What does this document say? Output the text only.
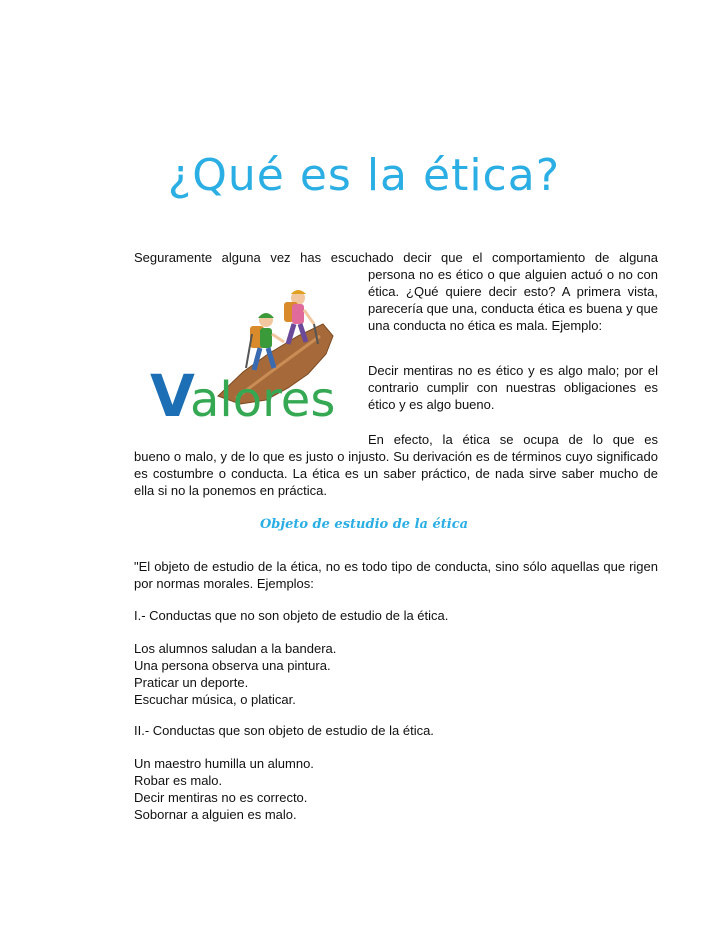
¿Qué es la ética?

Seguramente alguna vez has escuchado decir que el comportamiento de alguna

persona no es ético o que alguien actuó o no con ética. ¿Qué quiere decir esto? A primera vista, parecería que una, conducta ética es buena y que una conducta no ética es mala. Ejemplo:

Decir mentiras no es ético y es algo malo; por el contrario cumplir con nuestras obligaciones es ético y es algo bueno.

En efecto, la ética se ocupa de lo que es

bueno o malo, y de lo que es justo o injusto. Su derivación es de términos cuyo significado es costumbre o conducta. La ética es un saber práctico, de nada sirve saber mucho de ella si no la ponemos en práctica.

V
alores
Objeto de estudio de la ética

"El objeto de estudio de la ética, no es todo tipo de conducta, sino sólo aquellas que rigen por normas morales. Ejemplos:

I.- Conductas que no son objeto de estudio de la ética.

Los alumnos saludan a la bandera.
Una persona observa una pintura.
Praticar un deporte.
Escuchar música, o platicar.

II.- Conductas que son objeto de estudio de la ética.

Un maestro humilla un alumno.
Robar es malo.
Decir mentiras no es correcto.
Sobornar a alguien es malo.
